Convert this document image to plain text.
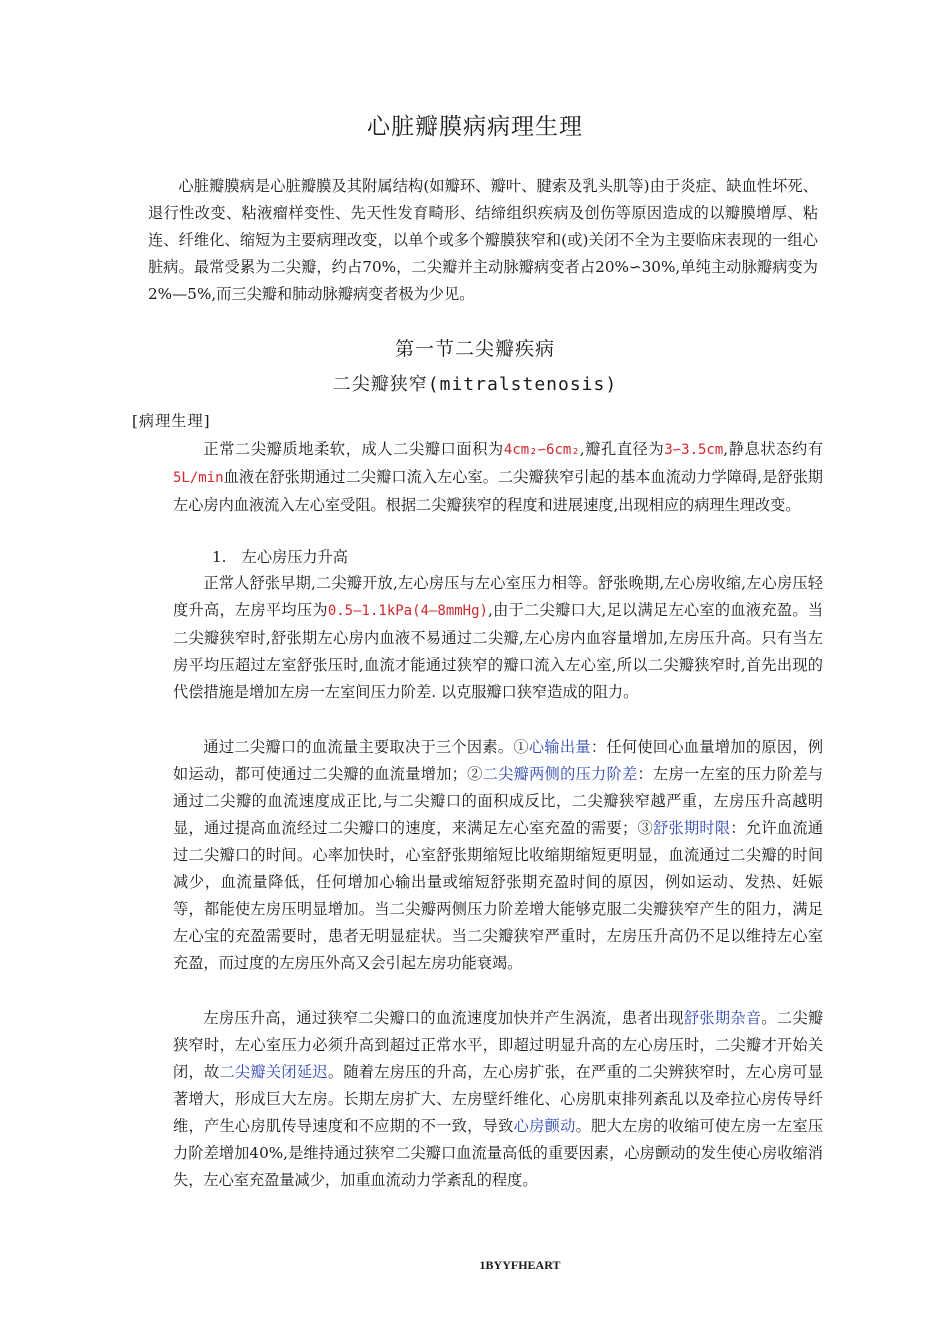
心脏瓣膜病病理生理

心脏瓣膜病是心脏瓣膜及其附属结构(如瓣环、瓣叶、腱索及乳头肌等)由于炎症、缺血性坏死、退行性改变、粘液瘤样变性、先天性发育畸形、结缔组织疾病及创伤等原因造成的以瓣膜增厚、粘连、纤维化、缩短为主要病理改变，以单个或多个瓣膜狭窄和(或)关闭不全为主要临床表现的一组心脏病。最常受累为二尖瓣，约占70%，二尖瓣并主动脉瓣病变者占20%∽30%,单纯主动脉瓣病变为2%—5%,而三尖瓣和肺动脉瓣病变者极为少见。

第一节二尖瓣疾病
二尖瓣狭窄(mitralstenosis)
[病理生理]

正常二尖瓣质地柔软，成人二尖瓣口面积为4cm₂∽6cm₂,瓣孔直径为3∽3.5cm,静息状态约有5L/min血液在舒张期通过二尖瓣口流入左心室。二尖瓣狭窄引起的基本血流动力学障碍,是舒张期左心房内血液流入左心室受阻。根据二尖瓣狭窄的程度和进展速度,出现相应的病理生理改变。

1.　左心房压力升高

正常人舒张早期,二尖瓣开放,左心房压与左心室压力相等。舒张晚期,左心房收缩,左心房压轻度升高，左房平均压为0.5—1.1kPa(4—8mmHg),由于二尖瓣口大,足以满足左心室的血液充盈。当二尖瓣狭窄时,舒张期左心房内血液不易通过二尖瓣,左心房内血容量增加,左房压升高。只有当左房平均压超过左室舒张压时,血流才能通过狭窄的瓣口流入左心室,所以二尖瓣狭窄时,首先出现的代偿措施是增加左房一左室间压力阶差. 以克服瓣口狭窄造成的阻力。

通过二尖瓣口的血流量主要取决于三个因素。①心输出量：任何使回心血量增加的原因，例如运动，都可使通过二尖瓣的血流量增加；②二尖瓣两侧的压力阶差：左房一左室的压力阶差与通过二尖瓣的血流速度成正比,与二尖瓣口的面积成反比，二尖瓣狭窄越严重，左房压升高越明显，通过提高血流经过二尖瓣口的速度，来满足左心室充盈的需要；③舒张期时限：允许血流通过二尖瓣口的时间。心率加快时，心室舒张期缩短比收缩期缩短更明显，血流通过二尖瓣的时间减少，血流量降低，任何增加心输出量或缩短舒张期充盈时间的原因，例如运动、发热、妊娠等，都能使左房压明显增加。当二尖瓣两侧压力阶差增大能够克服二尖瓣狭窄产生的阻力，满足左心宝的充盈需要时，患者无明显症状。当二尖瓣狭窄严重时，左房压升高仍不足以维持左心室充盈，而过度的左房压外高又会引起左房功能衰竭。

左房压升高，通过狭窄二尖瓣口的血流速度加快并产生涡流，患者出现舒张期杂音。二尖瓣狭窄时，左心室压力必须升高到超过正常水平，即超过明显升高的左心房压时，二尖瓣才开始关闭，故二尖瓣关闭延迟。随着左房压的升高，左心房扩张，在严重的二尖辨狭窄时，左心房可显著增大，形成巨大左房。长期左房扩大、左房壁纤维化、心房肌束排列紊乱以及牵拉心房传导纤维，产生心房肌传导速度和不应期的不一致，导致心房颤动。肥大左房的收缩可使左房一左室压力阶差增加40%,是维持通过狭窄二尖瓣口血流量高低的重要因素，心房颤动的发生使心房收缩消失，左心室充盈量减少，加重血流动力学紊乱的程度。

1BYYFHEART
